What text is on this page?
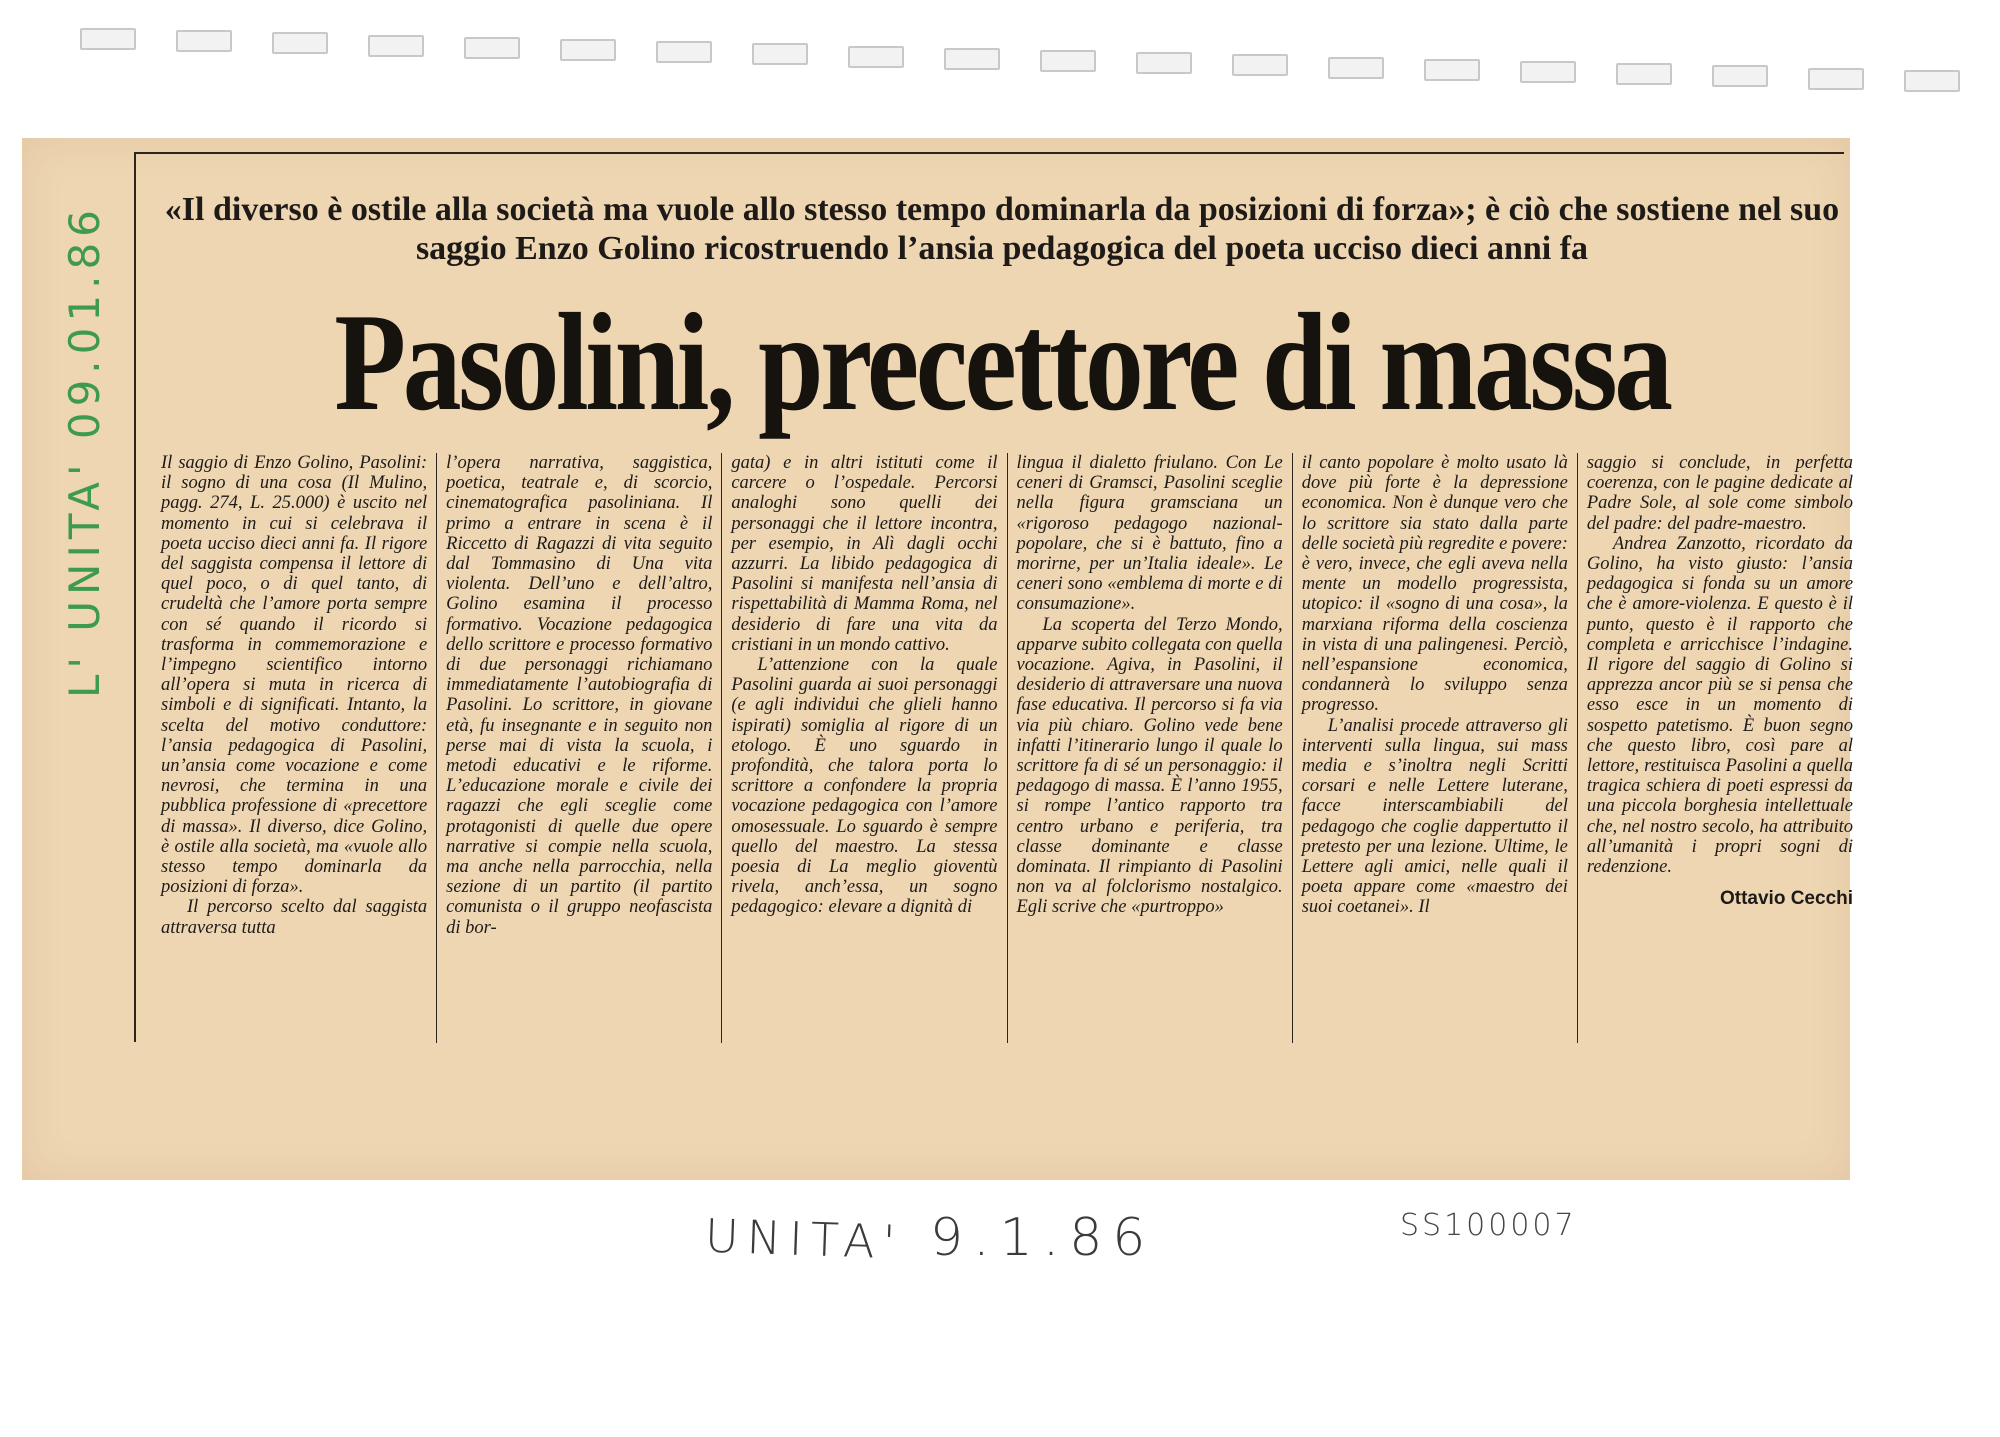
«Il diverso è ostile alla società ma vuole allo stesso tempo dominarla da posizioni di forza»; è ciò che sostiene nel suo saggio Enzo Golino ricostruendo l’ansia pedagogica del poeta ucciso dieci anni fa
Pasolini, precettore di massa
L' UNITA' 09.01.86	Il saggio di Enzo Golino, Pasolini: il sogno di una cosa (Il Mulino, pagg. 274, L. 25.000) è uscito nel momento in cui si celebrava il poeta ucciso dieci anni fa. Il rigore del saggista compensa il lettore di quel poco, o di quel tanto, di crudeltà che l’amore porta sempre con sé quando il ricordo si trasforma in commemorazione e l’impegno scientifico intorno all’opera si muta in ricerca di simboli e di significati. Intanto, la scelta del motivo conduttore: l’ansia pedagogica di Pasolini, un’ansia come vocazione e come nevrosi, che termina in una pubblica professione di «precettore di massa». Il diverso, dice Golino, è ostile alla società, ma «vuole allo stesso tempo dominarla da posizioni di forza».

Il percorso scelto dal saggista attraversa tutta

l’opera narrativa, saggistica, poetica, teatrale e, di scorcio, cinematografica pasoliniana. Il primo a entrare in scena è il Riccetto di Ragazzi di vita seguito dal Tommasino di Una vita violenta. Dell’uno e dell’altro, Golino esamina il processo formativo. Vocazione pedagogica dello scrittore e processo formativo di due personaggi richiamano immediatamente l’autobiografia di Pasolini. Lo scrittore, in giovane età, fu insegnante e in seguito non perse mai di vista la scuola, i metodi educativi e le riforme. L’educazione morale e civile dei ragazzi che egli sceglie come protagonisti di quelle due opere narrative si compie nella scuola, ma anche nella parrocchia, nella sezione di un partito (il partito comunista o il gruppo neofascista di bor-

gata) e in altri istituti come il carcere o l’ospedale. Percorsi analoghi sono quelli dei personaggi che il lettore incontra, per esempio, in Alì dagli occhi azzurri. La libido pedagogica di Pasolini si manifesta nell’ansia di rispettabilità di Mamma Roma, nel desiderio di fare una vita da cristiani in un mondo cattivo.

L’attenzione con la quale Pasolini guarda ai suoi personaggi (e agli individui che glieli hanno ispirati) somiglia al rigore di un etologo. È uno sguardo in profondità, che talora porta lo scrittore a confondere la propria vocazione pedagogica con l’amore omosessuale. Lo sguardo è sempre quello del maestro. La stessa poesia di La meglio gioventù rivela, anch’essa, un sogno pedagogico: elevare a dignità di

lingua il dialetto friulano. Con Le ceneri di Gramsci, Pasolini sceglie nella figura gramsciana un «rigoroso pedagogo nazional-popolare, che si è battuto, fino a morirne, per un’Italia ideale». Le ceneri sono «emblema di morte e di consumazione».

La scoperta del Terzo Mondo, apparve subito collegata con quella vocazione. Agiva, in Pasolini, il desiderio di attraversare una nuova fase educativa. Il percorso si fa via via più chiaro. Golino vede bene infatti l’itinerario lungo il quale lo scrittore fa di sé un personaggio: il pedagogo di massa. È l’anno 1955, si rompe l’antico rapporto tra centro urbano e periferia, tra classe dominante e classe dominata. Il rimpianto di Pasolini non va al folclorismo nostalgico. Egli scrive che «purtroppo»

il canto popolare è molto usato là dove più forte è la depressione economica. Non è dunque vero che lo scrittore sia stato dalla parte delle società più regredite e povere: è vero, invece, che egli aveva nella mente un modello progressista, utopico: il «sogno di una cosa», la marxiana riforma della coscienza in vista di una palingenesi. Perciò, nell’espansione economica, condannerà lo sviluppo senza progresso.

L’analisi procede attraverso gli interventi sulla lingua, sui mass media e s’inoltra negli Scritti corsari e nelle Lettere luterane, facce interscambiabili del pedagogo che coglie dappertutto il pretesto per una lezione. Ultime, le Lettere agli amici, nelle quali il poeta appare come «maestro dei suoi coetanei». Il

saggio si conclude, in perfetta coerenza, con le pagine dedicate al Padre Sole, al sole come simbolo del padre: del padre-maestro.

Andrea Zanzotto, ricordato da Golino, ha visto giusto: l’ansia pedagogica si fonda su un amore che è amore-violenza. E questo è il punto, questo è il rapporto che completa e arricchisce l’indagine. Il rigore del saggio di Golino si apprezza ancor più se si pensa che esso esce in un momento di sospetto patetismo. È buon segno che questo libro, così pare al lettore, restituisca Pasolini a quella tragica schiera di poeti espressi da una piccola borghesia intellettuale che, nel nostro secolo, ha attribuito all’umanità i propri sogni di redenzione.

Ottavio Cecchi
UNITA' 9.1.86	SS100007
